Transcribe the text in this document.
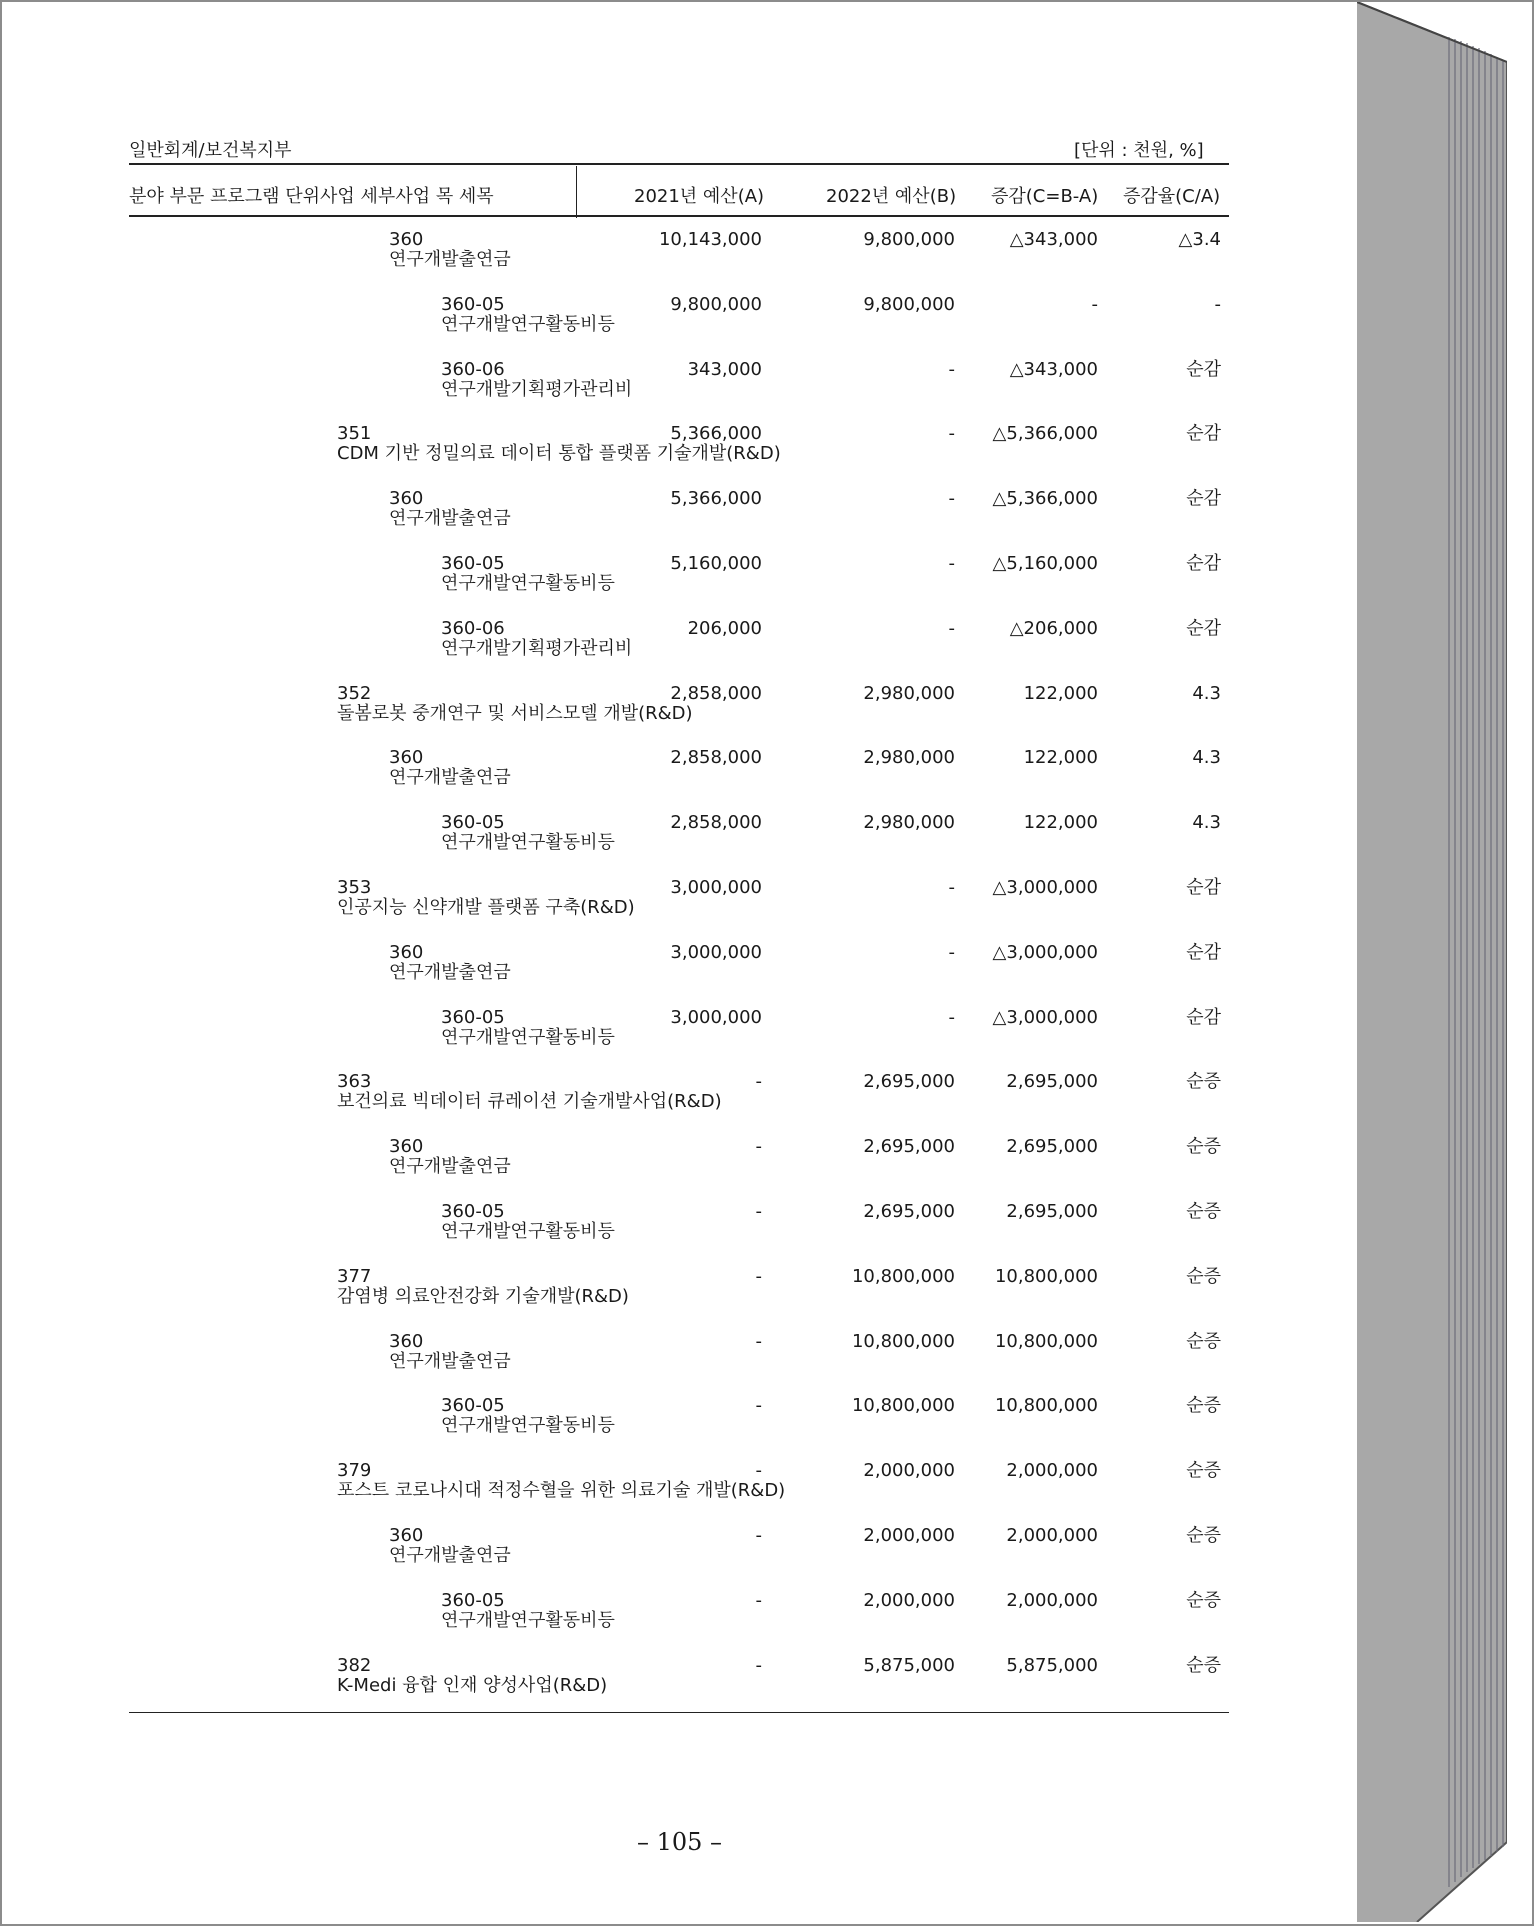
일반회계/보건복지부	[단위 : 천원, %]
분야 부문 프로그램 단위사업 세부사업 목 세목	2021년 예산(A)	2022년 예산(B) 증감(C=B-A) 증감율(C/A)
360
연구개발출연금
10,143,000	9,800,000	△343,000	△3.4
360-05
연구개발연구활동비등
9,800,000	9,800,000	-	-
360-06
연구개발기획평가관리비
343,000	-	△343,000	순감
351
CDM 기반 정밀의료 데이터 통합 플랫폼 기술개발(R&D)
5,366,000	- △5,366,000	순감
360
연구개발출연금
5,366,000	- △5,366,000	순감
360-05
연구개발연구활동비등
5,160,000	- △5,160,000	순감
360-06
연구개발기획평가관리비
206,000	-	△206,000	순감
352
돌봄로봇 중개연구 및 서비스모델 개발(R&D)
2,858,000	2,980,000	122,000	4.3
360
연구개발출연금
2,858,000	2,980,000	122,000	4.3
360-05
연구개발연구활동비등
2,858,000	2,980,000	122,000	4.3
353
인공지능 신약개발 플랫폼 구축(R&D)
3,000,000	- △3,000,000	순감
360
연구개발출연금
3,000,000	- △3,000,000	순감
360-05
연구개발연구활동비등
3,000,000	- △3,000,000	순감
363
보건의료 빅데이터 큐레이션 기술개발사업(R&D)
-	2,695,000	2,695,000	순증
360
연구개발출연금
-	2,695,000	2,695,000	순증
360-05
연구개발연구활동비등
-	2,695,000	2,695,000	순증
377
감염병 의료안전강화 기술개발(R&D)
-	10,800,000 10,800,000	순증
360
연구개발출연금
-	10,800,000 10,800,000	순증
360-05
연구개발연구활동비등
-	10,800,000 10,800,000	순증
379
포스트 코로나시대 적정수혈을 위한 의료기술 개발(R&D)
-	2,000,000	2,000,000	순증
360
연구개발출연금
-	2,000,000	2,000,000	순증
360-05
연구개발연구활동비등
-	2,000,000	2,000,000	순증
382
K-Medi 융합 인재 양성사업(R&D)
-	5,875,000	5,875,000	순증
– 105 –
